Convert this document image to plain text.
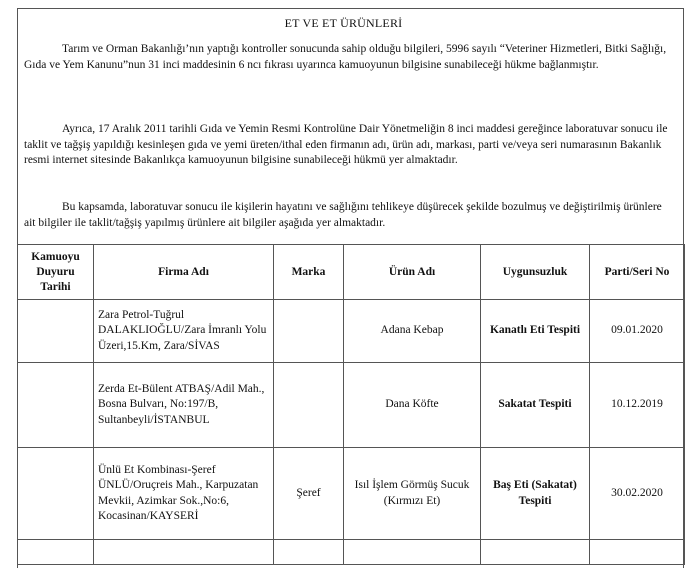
ET VE ET ÜRÜNLERİ

Tarım ve Orman Bakanlığı’nın yaptığı kontroller sonucunda sahip olduğu bilgileri, 5996 sayılı “Veteriner Hizmetleri, Bitki Sağlığı, Gıda ve Yem Kanunu”nun 31 inci maddesinin 6 ncı fıkrası uyarınca kamuoyunun bilgisine sunabileceği hükme bağlanmıştır.

Ayrıca, 17 Aralık 2011 tarihli Gıda ve Yemin Resmi Kontrolüne Dair Yönetmeliğin 8 inci maddesi gereğince laboratuvar sonucu ile taklit ve tağşiş yapıldığı kesinleşen gıda ve yemi üreten/ithal eden firmanın adı, ürün adı, markası, parti ve/veya seri numarasının Bakanlık resmi internet sitesinde Bakanlıkça kamuoyunun bilgisine sunabileceği hükmü yer almaktadır.

Bu kapsamda, laboratuvar sonucu ile kişilerin hayatını ve sağlığını tehlikeye düşürecek şekilde bozulmuş ve değiştirilmiş ürünlere ait bilgiler ile taklit/tağşiş yapılmış ürünlere ait bilgiler aşağıda yer almaktadır.

Kamuoyu Duyuru Tarihi	Firma Adı	Marka	Ürün Adı	Uygunsuzluk	Parti/Seri No
	Zara Petrol-Tuğrul DALAKLIOĞLU/Zara İmranlı Yolu Üzeri,15.Km, Zara/SİVAS		Adana Kebap	Kanatlı Eti Tespiti	09.01.2020
	Zerda Et-Bülent ATBAŞ/Adil Mah., Bosna Bulvarı, No:197/B, Sultanbeyli/İSTANBUL		Dana Köfte	Sakatat Tespiti	10.12.2019
	Ünlü Et Kombinası-Şeref ÜNLÜ/Oruçreis Mah., Karpuzatan Mevkii, Azimkar Sok.,No:6, Kocasinan/KAYSERİ	Şeref	Isıl İşlem Görmüş Sucuk (Kırmızı Et)	Baş Eti (Sakatat) Tespiti	30.02.2020
